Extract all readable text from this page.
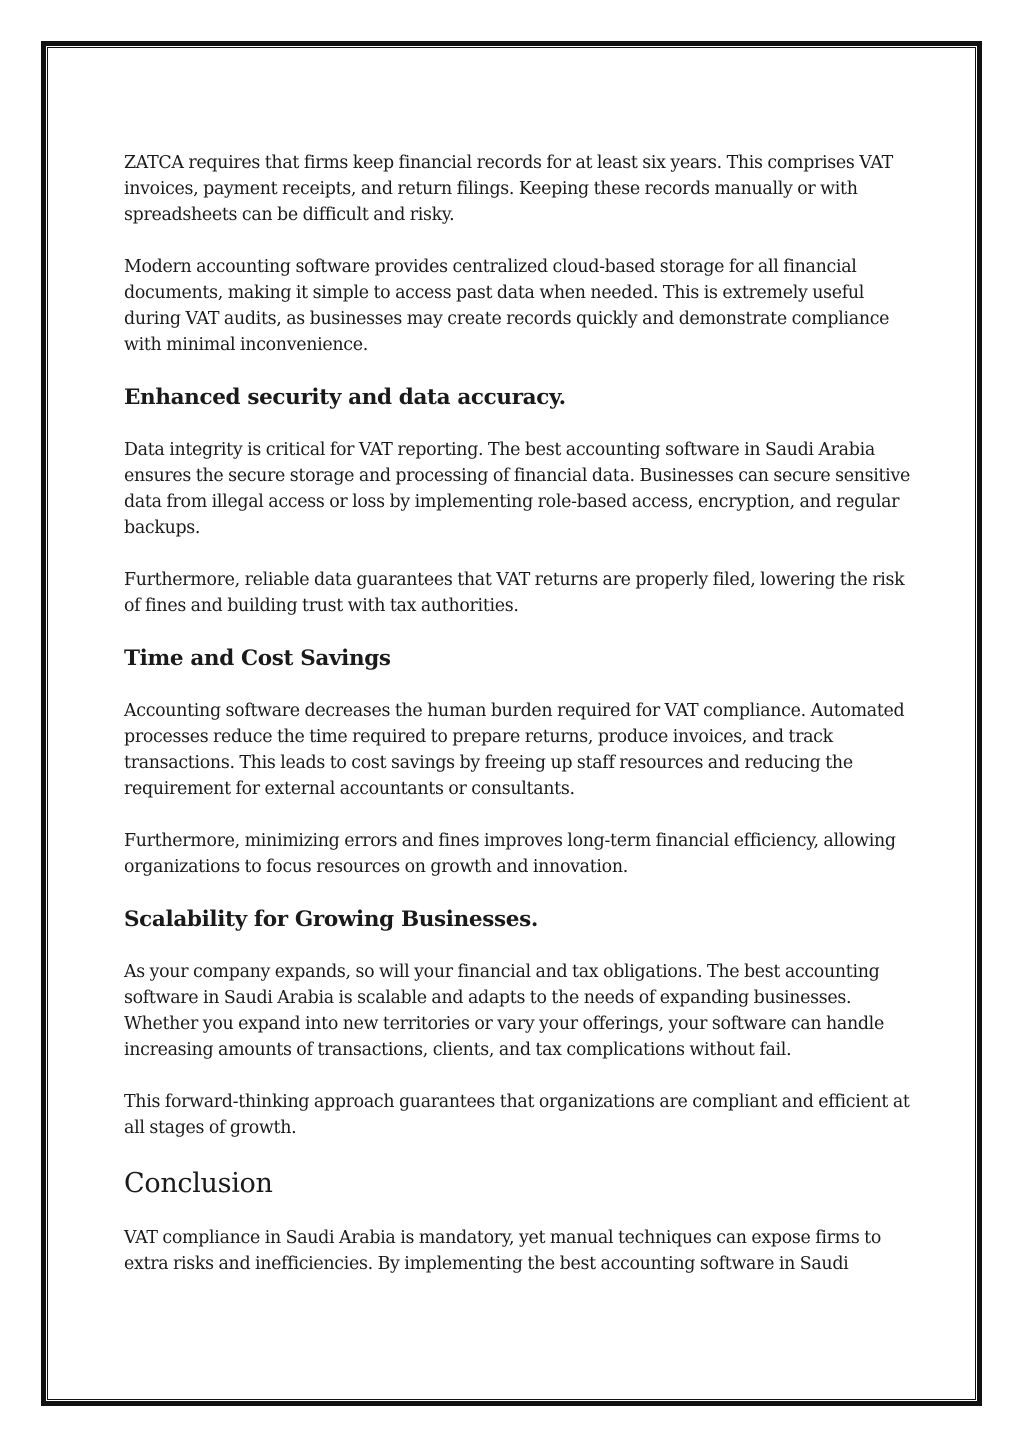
ZATCA requires that firms keep financial records for at least six years. This comprises VAT invoices, payment receipts, and return filings. Keeping these records manually or with spreadsheets can be difficult and risky.

Modern accounting software provides centralized cloud-based storage for all financial documents, making it simple to access past data when needed. This is extremely useful during VAT audits, as businesses may create records quickly and demonstrate compliance with minimal inconvenience.

Enhanced security and data accuracy.

Data integrity is critical for VAT reporting. The best accounting software in Saudi Arabia ensures the secure storage and processing of financial data. Businesses can secure sensitive data from illegal access or loss by implementing role-based access, encryption, and regular backups.

Furthermore, reliable data guarantees that VAT returns are properly filed, lowering the risk of fines and building trust with tax authorities.

Time and Cost Savings

Accounting software decreases the human burden required for VAT compliance. Automated processes reduce the time required to prepare returns, produce invoices, and track transactions. This leads to cost savings by freeing up staff resources and reducing the requirement for external accountants or consultants.

Furthermore, minimizing errors and fines improves long-term financial efficiency, allowing organizations to focus resources on growth and innovation.

Scalability for Growing Businesses.

As your company expands, so will your financial and tax obligations. The best accounting software in Saudi Arabia is scalable and adapts to the needs of expanding businesses. Whether you expand into new territories or vary your offerings, your software can handle increasing amounts of transactions, clients, and tax complications without fail.

This forward-thinking approach guarantees that organizations are compliant and efficient at all stages of growth.

Conclusion

VAT compliance in Saudi Arabia is mandatory, yet manual techniques can expose firms to extra risks and inefficiencies. By implementing the best accounting software in Saudi
